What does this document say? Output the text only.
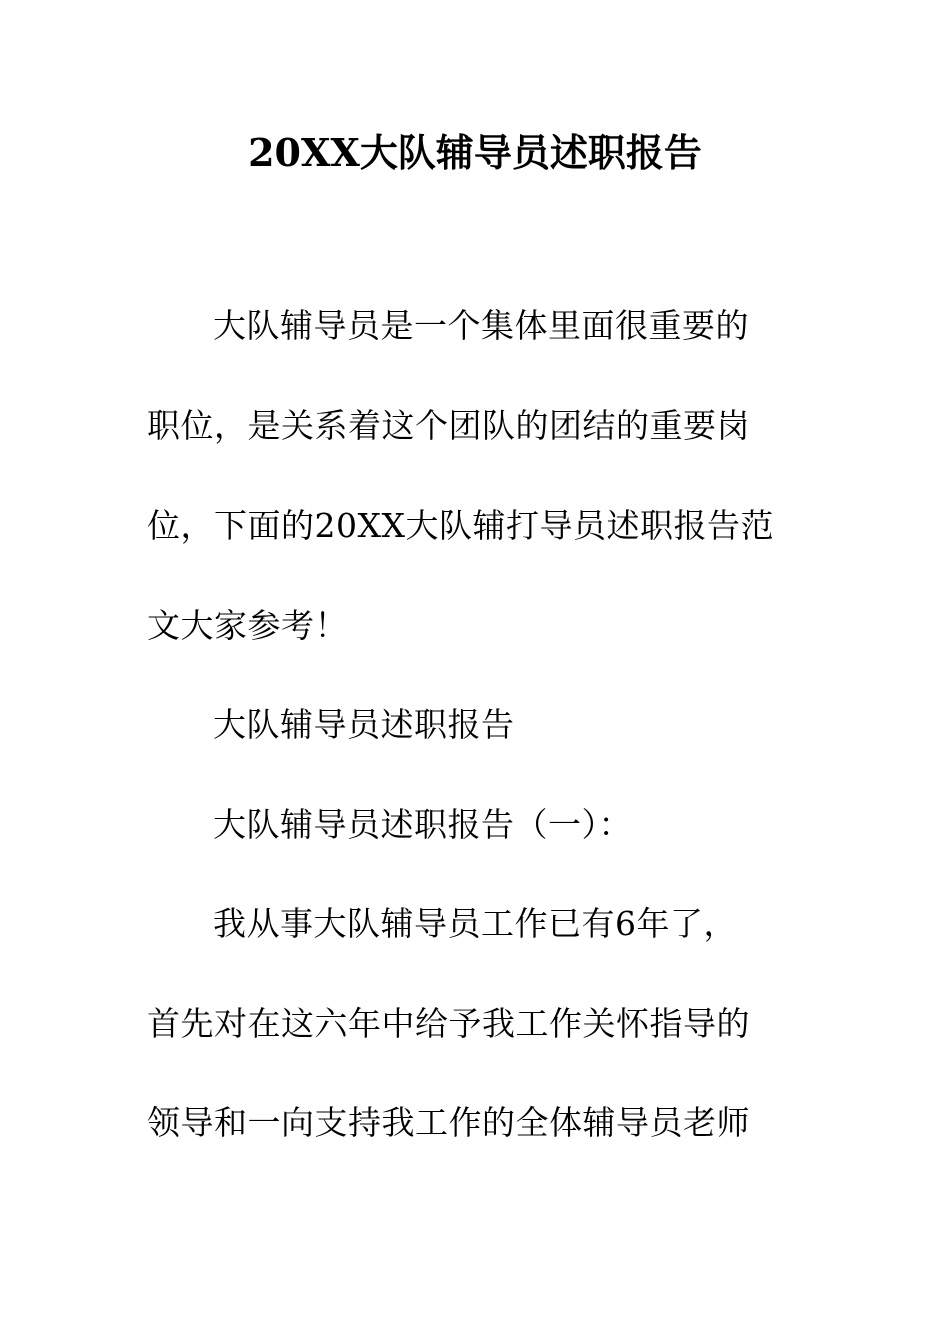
20XX大队辅导员述职报告
大队辅导员是一个集体里面很重要的
职位，是关系着这个团队的团结的重要岗
位，下面的20XX大队辅打导员述职报告范
文大家参考！
大队辅导员述职报告
大队辅导员述职报告（一）：
我从事大队辅导员工作已有6年了，
首先对在这六年中给予我工作关怀指导的
领导和一向支持我工作的全体辅导员老师
